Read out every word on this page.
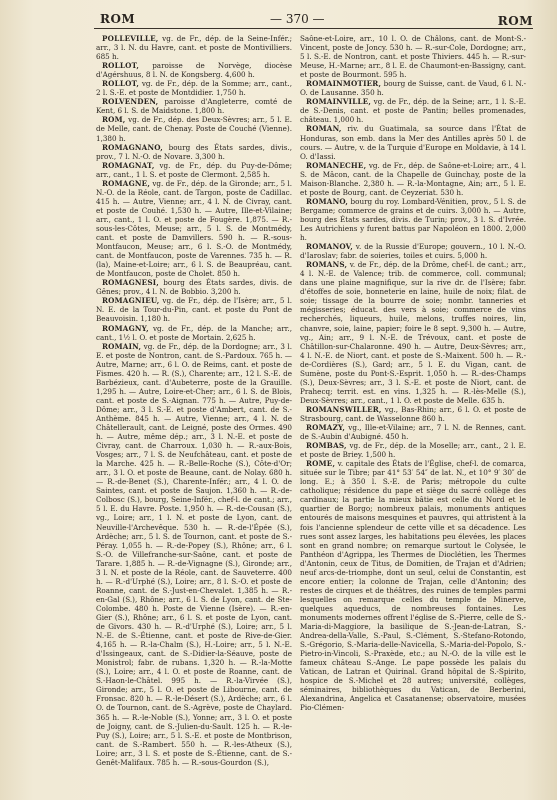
ROM	— 370 —	ROM

POLLEVILLE, vg. de Fr., dép. de la Seine-Infér.; arr., 3 l. N. du Havre, cant. et poste de Montivilliers. 685 h.

ROLLOT, paroisse de Norvège, diocèse d'Agérshuus, 8 l. N. de Kongsberg. 4,600 h.

ROLLOT, vg. de Fr., dép. de la Somme; arr., cant., 2 l. S.-E. et poste de Montdidier. 1,750 h.

ROLVENDEN, paroisse d'Angleterre, comté de Kent, 6 l. S. de Maidstone. 1,800 h.

ROM, vg. de Fr., dép. des Deux-Sèvres; arr., 5 l. E. de Melle, cant. de Chenay. Poste de Couché (Vienne). 1,380 h.

ROMAGNANO, bourg des États sardes, divis., prov., 7 l. N.-O. de Novare. 3,300 h.

ROMAGNAT, vg. de Fr., dép. du Puy-de-Dôme; arr., cant., 1 l. S. et poste de Clermont. 2,585 h.

ROMAGNE, vg. de Fr., dép. de la Gironde; arr., 5 l. N.-O. de la Réole, cant. de Targon, poste de Cadillac. 415 h. — Autre, Vienne; arr., 4 l. N. de Civray, cant. et poste de Couhé. 1,530 h. — Autre, Ille-et-Vilaine; arr., cant., 1 l. O. et poste de Fougère. 1,875. — R.-sous-les-Côtes, Meuse; arr., 5 l. S. de Montmédy, cant. et poste de Damvillers. 590 h. — R.-sous-Montfaucon, Meuse; arr., 6 l. S.-O. de Montmédy, cant. de Montfaucon, poste de Varennes. 735 h. — R. (la), Maine-et-Loire; arr., 6 l. S. de Beaupréau, cant. de Montfaucon, poste de Cholet. 850 h.

ROMAGNESI, bourg des États sardes, divis. de Gênes; prov., 4 l. N. de Bobbio. 3,200 h.

ROMAGNIEU, vg. de Fr., dép. de l'Isère; arr., 5 l. N. E. de la Tour-du-Pin, cant. et poste du Pont de Beauvoisin. 1,180 h.

ROMAGNY, vg. de Fr., dép. de la Manche; arr., cant., 1½ l. O. et poste de Mortain. 2,625 h.

ROMAIN, vg. de Fr., dép. de la Dordogne; arr., 3 l. E. et poste de Nontron, cant. de S.-Pardoux. 765 h. — Autre, Marne; arr., 6 l. O. de Reims, cant. et poste de Fismes. 420 h. — R. (S.), Charente; arr., 12 l. S.-E. de Barbézieux, cant. d'Aubeterre, poste de la Grauille. 1,295 h. — Autre, Loire-et-Cher; arr., 6 l. S. de Blois, cant. et poste de S.-Aignan. 775 h. — Autre, Puy-de-Dôme; arr., 3 l. S.-E. et poste d'Ambert, cant. de S.-Anthème. 845 h. — Autre, Vienne; arr., 4 l. N. de Châtellerault, cant. de Leigné, poste des Ormes. 490 h. — Autre, même dép.; arr., 3 l. N.-E. et poste de Civray, cant. de Charroux. 1,030 h. — R.-aux-Bois, Vosges; arr., 7 l. S. de Neufchâteau, cant. et poste de la Marche. 425 h. — R.-Belle-Roche (S.), Côte-d'Or; arr., 3 l. O. et poste de Beaune, cant. de Nolay. 680 h. — R.-de-Benet (S.), Charente-Infér.; arr., 4 l. O. de Saintes, cant. et poste de Saujon. 1,360 h. — R.-de-Colbosc (S.), bourg, Seine-Infér., chef-l. de cant.; arr., 5 l. E. du Havre. Poste. 1,950 h. — R.-de-Cousan (S.), vg., Loire; arr., 1 l. N. et poste de Lyon, cant. de Neuville-l'Archevêque. 530 h. — R.-de-l'Épée (S.), Ardèche; arr., 5 l. S. de Tournon, cant. et poste de S.-Péray. 1,055 h. — R.-de-Popey (S.), Rhône; arr., 6 l. S.-O. de Villefranche-sur-Saône, cant. et poste de Tarare. 1,885 h. — R.-de-Vignagne (S.), Gironde; arr., 3 l. N. et poste de la Réole, cant. de Sauveterre. 400 h. — R.-d'Urphé (S.), Loire; arr., 8 l. S.-O. et poste de Roanne, cant. de S.-Just-en-Chevalet. 1,385 h. — R.-en-Gal (S.), Rhône; arr., 6 l. S. de Lyon, cant. de Ste-Colombe. 480 h. Poste de Vienne (Isère). — R.-en-Gier (S.), Rhône; arr., 6 l. S. et poste de Lyon, cant. de Givors. 430 h. — R.-d'Urphé (S.), Loire; arr., 5 l. N.-E. de S.-Étienne, cant. et poste de Rive-de-Gier. 4,165 h. — R.-la-Chalm (S.), H.-Loire; arr., 5 l. N.-E. d'Issingeaux, cant. de S.-Didier-la-Séauve, poste de Monistrol; fabr. de rubans. 1,320 h. — R.-la-Motte (S.), Loire; arr., 4 l. O. et poste de Roanne, cant. de S.-Haon-le-Châtel. 995 h. — R.-la-Virvée (S.), Gironde; arr., 5 l. O. et poste de Libourne, cant. de Fronsac. 820 h. — R.-le-Désert (S.), Ardèche; arr., 6 l. O. de Tournon, cant. de S.-Agrève, poste de Chaylard. 365 h. — R.-le-Noble (S.), Yonne; arr., 3 l. O. et poste de Joigny, cant. de S.-Julien-du-Sault. 125 h. — R.-le-Puy (S.), Loire; arr., 5 l. S.-E. et poste de Montbrison, cant. de S.-Rambert. 550 h. — R.-les-Atheux (S.), Loire; arr., 3 l. S. et poste de S.-Étienne, cant. de S.-Genêt-Malifaux. 785 h. — R.-sous-Gourdon (S.),

Saône-et-Loire, arr., 10 l. O. de Châlons, cant. de Mont-S.-Vincent, poste de Joncy. 530 h. — R.-sur-Cole, Dordogne; arr., 5 l. S.-E. de Nontron, cant. et poste Thiviers. 445 h. — R.-sur-Meuse, H.-Marne; arr., 8 l. E. de Chaumont-en-Bassigny, cant. et poste de Bourmont. 595 h.

ROMAINMOTIER, bourg de Suisse, cant. de Vaud, 6 l. N.-O. de Lausanne. 350 h.

ROMAINVILLE, vg. de Fr., dép. de la Seine; arr., 1 l. S.-E. de S.-Denis, cant. et poste de Pantin; belles promenades, château. 1,000 h.

ROMAN, riv. du Guatimala, sa source dans l'État de Honduras, son emb. dans la Mer des Antilles après 50 l. de cours. — Autre, v. de la Turquie d'Europe en Moldavie, à 14 l. O. d'Iassi.

ROMANECHE, vg. de Fr., dép. de Saône-et-Loire; arr., 4 l. S. de Mâcon, cant. de la Chapelle de Guinchay, poste de la Maison-Blanche. 2,380 h. — R.-la-Montagne, Ain; arr., 5 l. E. et poste de Bourg, cant. de Ceyzeriat. 530 h.

ROMANO, bourg du roy. Lombard-Vénitien, prov., 5 l. S. de Bergame; commerce de grains et de cuirs. 3,000 h. — Autre, bourg des États sardes, divis. de Turin; prov., 3 l. S. d'Ivrée. Les Autrichiens y furent battus par Napoléon en 1800. 2,000 h.

ROMANOV, v. de la Russie d'Europe; gouvern., 10 l. N.-O. d'Iaroslav; fabr. de soieries, toiles et cuirs. 5,000 h.

ROMANS, v. de Fr., dép. de la Drôme, chef-l. de cant.; arr., 4 l. N.-E. de Valence; trib. de commerce, coll. communal; dans une plaine magnifique, sur la rive dr. de l'Isère; fabr. d'étoffes de soie, bonneterie en laine, huile de noix; filat. de soie; tissage de la bourre de soie; nombr. tanneries et mégisseries; éducat. des vers à soie; commerce de vins recherchés, liqueurs, huile, melons, truffes noires, lin, chanvre, soie, laine, papier; foire le 8 sept. 9,300 h. — Autre, vg., Ain; arr., 9 l. N.-E. de Trévoux, cant. et poste de Châtillon-sur-Chalaronne. 490 h. — Autre, Deux-Sèvres; arr., 4 l. N.-E. de Niort, cant. et poste de S.-Maixent. 500 h. — R.-de-Cordières (S.), Gard; arr., 5 l. E. du Vigan, cant. de Sumène, poste du Pont-S.-Esprit. 1,050 h. — R.-des-Champs (S.), Deux-Sèvres; arr., 3 l. S.-E. et poste de Niort, cant. de Prahecq; territ. est. en vins. 1,325 h. — R.-lès-Melle (S.), Deux-Sèvres; arr., cant., 1 l. O. et poste de Melle. 635 h.

ROMANSWILLER, vg., Bas-Rhin; arr., 6 l. O. et poste de Strasbourg, cant. de Wasselonne 860 h.

ROMAZY, vg., Ille-et-Vilaine; arr., 7 l. N. de Rennes, cant. de S.-Aubin d'Aubigné. 450 h.

ROMBAS, vg. de Fr., dép. de la Moselle; arr., cant., 2 l. E. et poste de Briey. 1,500 h.

ROME, v. capitale des États de l'Église, chef-l. de comarca, située sur le Tibre; par 41° 53′ 54″ de lat. N., et 10° 9′ 30″ de long. E.; à 350 l. S.-E. de Paris; métropole du culte catholique; résidence du pape et siège du sacré collège des cardinaux; la partie la mieux bâtie est celle du Nord et le quartier de Borgo; nombreux palais, monuments antiques entourés de maisons mesquines et pauvres, qui attristent à la fois l'ancienne splendeur de cette ville et sa décadence. Les rues sont assez larges, les habitations peu élevées, les places sont en grand nombre; on remarque surtout le Colysée, le Panthéon d'Agrippa, les Thermes de Dioclétien, les Thermes d'Antonin, ceux de Titus, de Domitien, de Trajan et d'Adrien; neuf arcs-de-triomphe, dont un seul, celui de Constantin, est encore entier; la colonne de Trajan, celle d'Antonin; des restes de cirques et de théâtres, des ruines de temples parmi lesquelles on remarque celles du temple de Minerve, quelques aqueducs, de nombreuses fontaines. Les monuments modernes offrent l'église de S.-Pierre, celle de S.-Maria-di-Maggiore, la basilique de S.-Jean-de-Latran, S.-Andrea-della-Valle, S.-Paul, S.-Clément, S.-Stefano-Rotondo, S.-Grégorio, S.-Maria-delle-Navicella, S.-Maria-del-Popolo, S.-Pietro-in-Vincoli, S.-Praxède, etc.; au N.-O. de la ville est le fameux château S.-Ange. Le pape possède les palais du Vatican, de Latran et Quirinal. Grand hôpital de S.-Spirito, hospice de S.-Michel et 28 autres; université, collèges, séminaires, bibliothèques du Vatican, de Berberini, Alexandrina, Angelica et Casatanense; observatoire, musées Pio-Clémen-
